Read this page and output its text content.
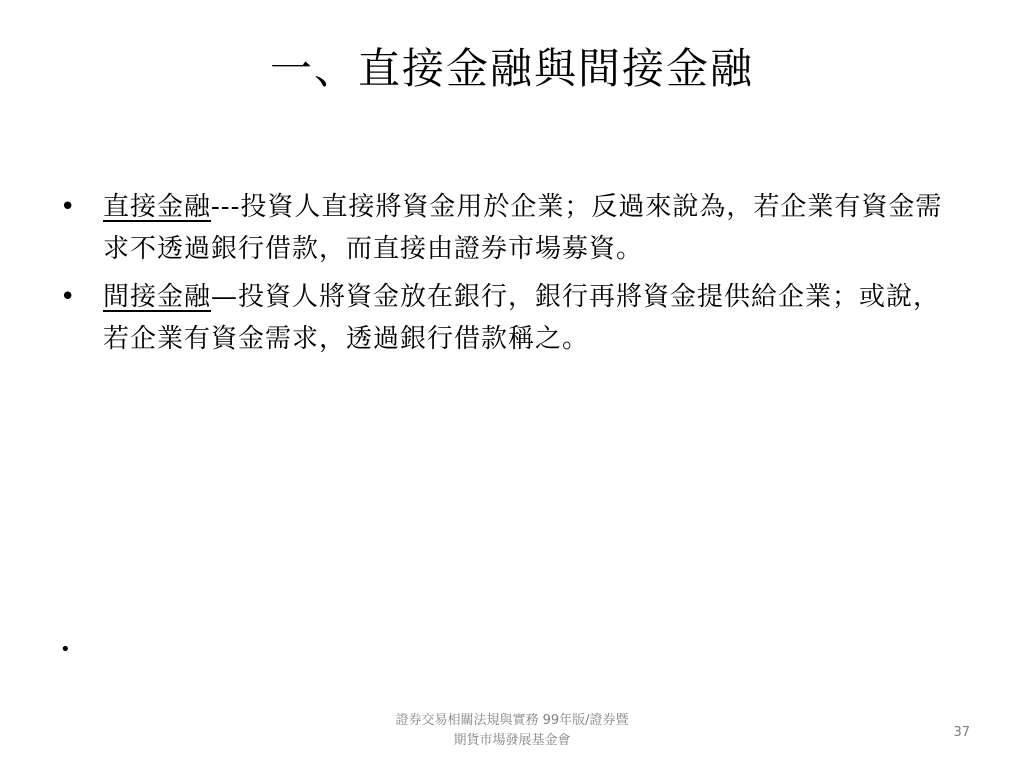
一、直接金融與間接金融
• 直接金融---投資人直接將資金用於企業；反過來說為，若企業有資金需求不透過銀行借款，而直接由證券市場募資。
• 間接金融—投資人將資金放在銀行，銀行再將資金提供給企業；或說，若企業有資金需求，透過銀行借款稱之。
•
證券交易相關法規與實務 99年版/證券暨
期貨市場發展基金會
37
